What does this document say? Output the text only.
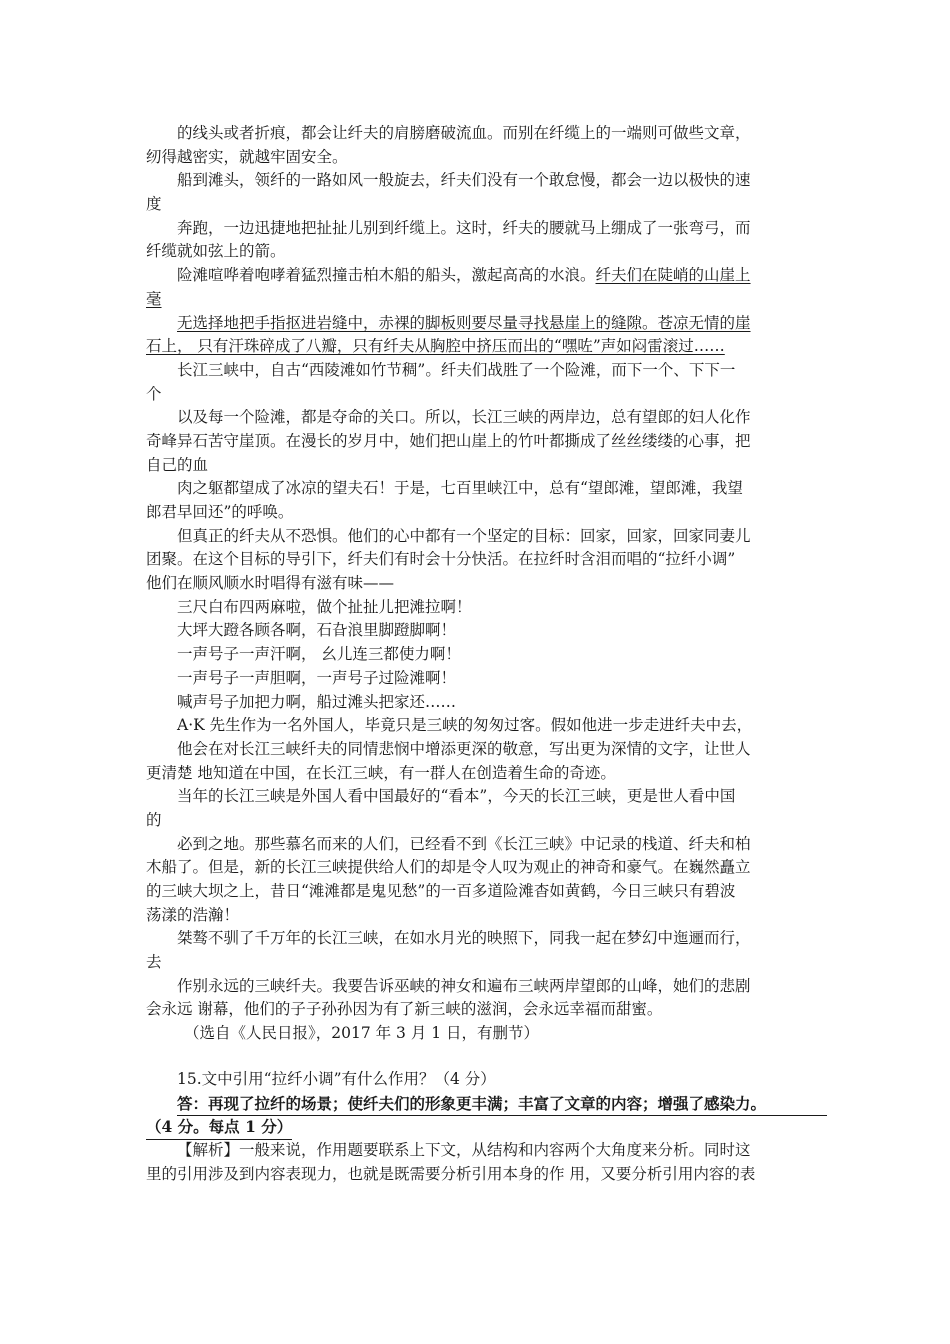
的线头或者折痕，都会让纤夫的肩膀磨破流血。而别在纤缆上的一端则可做些文章，
纫得越密实，就越牢固安全。
船到滩头，领纤的一路如风一般旋去，纤夫们没有一个敢怠慢，都会一边以极快的速
度
奔跑，一边迅捷地把扯扯儿别到纤缆上。这时，纤夫的腰就马上绷成了一张弯弓，而
纤缆就如弦上的箭。
险滩喧哗着咆哮着猛烈撞击柏木船的船头，激起高高的水浪。纤夫们在陡峭的山崖上
毫
无选择地把手指抠进岩缝中，赤裸的脚板则要尽量寻找悬崖上的缝隙。苍凉无情的崖
石上， 只有汗珠碎成了八瓣，只有纤夫从胸腔中挤压而出的“嘿咗”声如闷雷滚过……
长江三峡中，自古“西陵滩如竹节稠”。纤夫们战胜了一个险滩，而下一个、下下一
个
以及每一个险滩，都是夺命的关口。所以，长江三峡的两岸边，总有望郎的妇人化作
奇峰异石苦守崖顶。在漫长的岁月中，她们把山崖上的竹叶都撕成了丝丝缕缕的心事，把
自己的血
肉之躯都望成了冰凉的望夫石！于是，七百里峡江中，总有“望郎滩，望郎滩，我望
郎君早回还”的呼唤。
但真正的纤夫从不恐惧。他们的心中都有一个坚定的目标：回家，回家，回家同妻儿
团聚。在这个目标的导引下，纤夫们有时会十分快活。在拉纤时含泪而唱的“拉纤小调”
他们在顺风顺水时唱得有滋有味——
三尺白布四两麻啦，做个扯扯儿把滩拉啊！
大坪大蹬各顾各啊，石旮浪里脚蹬脚啊！
一声号子一声汗啊， 幺儿连三都使力啊！
一声号子一声胆啊，一声号子过险滩啊！
喊声号子加把力啊，船过滩头把家还……
A·K 先生作为一名外国人，毕竟只是三峡的匆匆过客。假如他进一步走进纤夫中去，
他会在对长江三峡纤夫的同情悲悯中增添更深的敬意，写出更为深情的文字，让世人
更清楚 地知道在中国，在长江三峡，有一群人在创造着生命的奇迹。
当年的长江三峡是外国人看中国最好的“看本”，今天的长江三峡，更是世人看中国
的
必到之地。那些慕名而来的人们，已经看不到《长江三峡》中记录的栈道、纤夫和柏
木船了。但是，新的长江三峡提供给人们的却是令人叹为观止的神奇和豪气。在巍然矗立
的三峡大坝之上，昔日“滩滩都是鬼见愁”的一百多道险滩杳如黄鹤，今日三峡只有碧波
荡漾的浩瀚！
桀骜不驯了千万年的长江三峡，在如水月光的映照下，同我一起在梦幻中迤逦而行，
去
作别永远的三峡纤夫。我要告诉巫峡的神女和遍布三峡两岸望郎的山峰，她们的悲剧
会永远 谢幕，他们的子子孙孙因为有了新三峡的滋润，会永远幸福而甜蜜。
（选自《人民日报》，2017 年 3 月 1 日，有删节）
15.文中引用“拉纤小调”有什么作用？（4 分）
答：再现了拉纤的场景；使纤夫们的形象更丰满；丰富了文章的内容；增强了感染力。
（4 分。每点 1 分）
【解析】一般来说，作用题要联系上下文，从结构和内容两个大角度来分析。同时这
里的引用涉及到内容表现力，也就是既需要分析引用本身的作 用，又要分析引用内容的表
